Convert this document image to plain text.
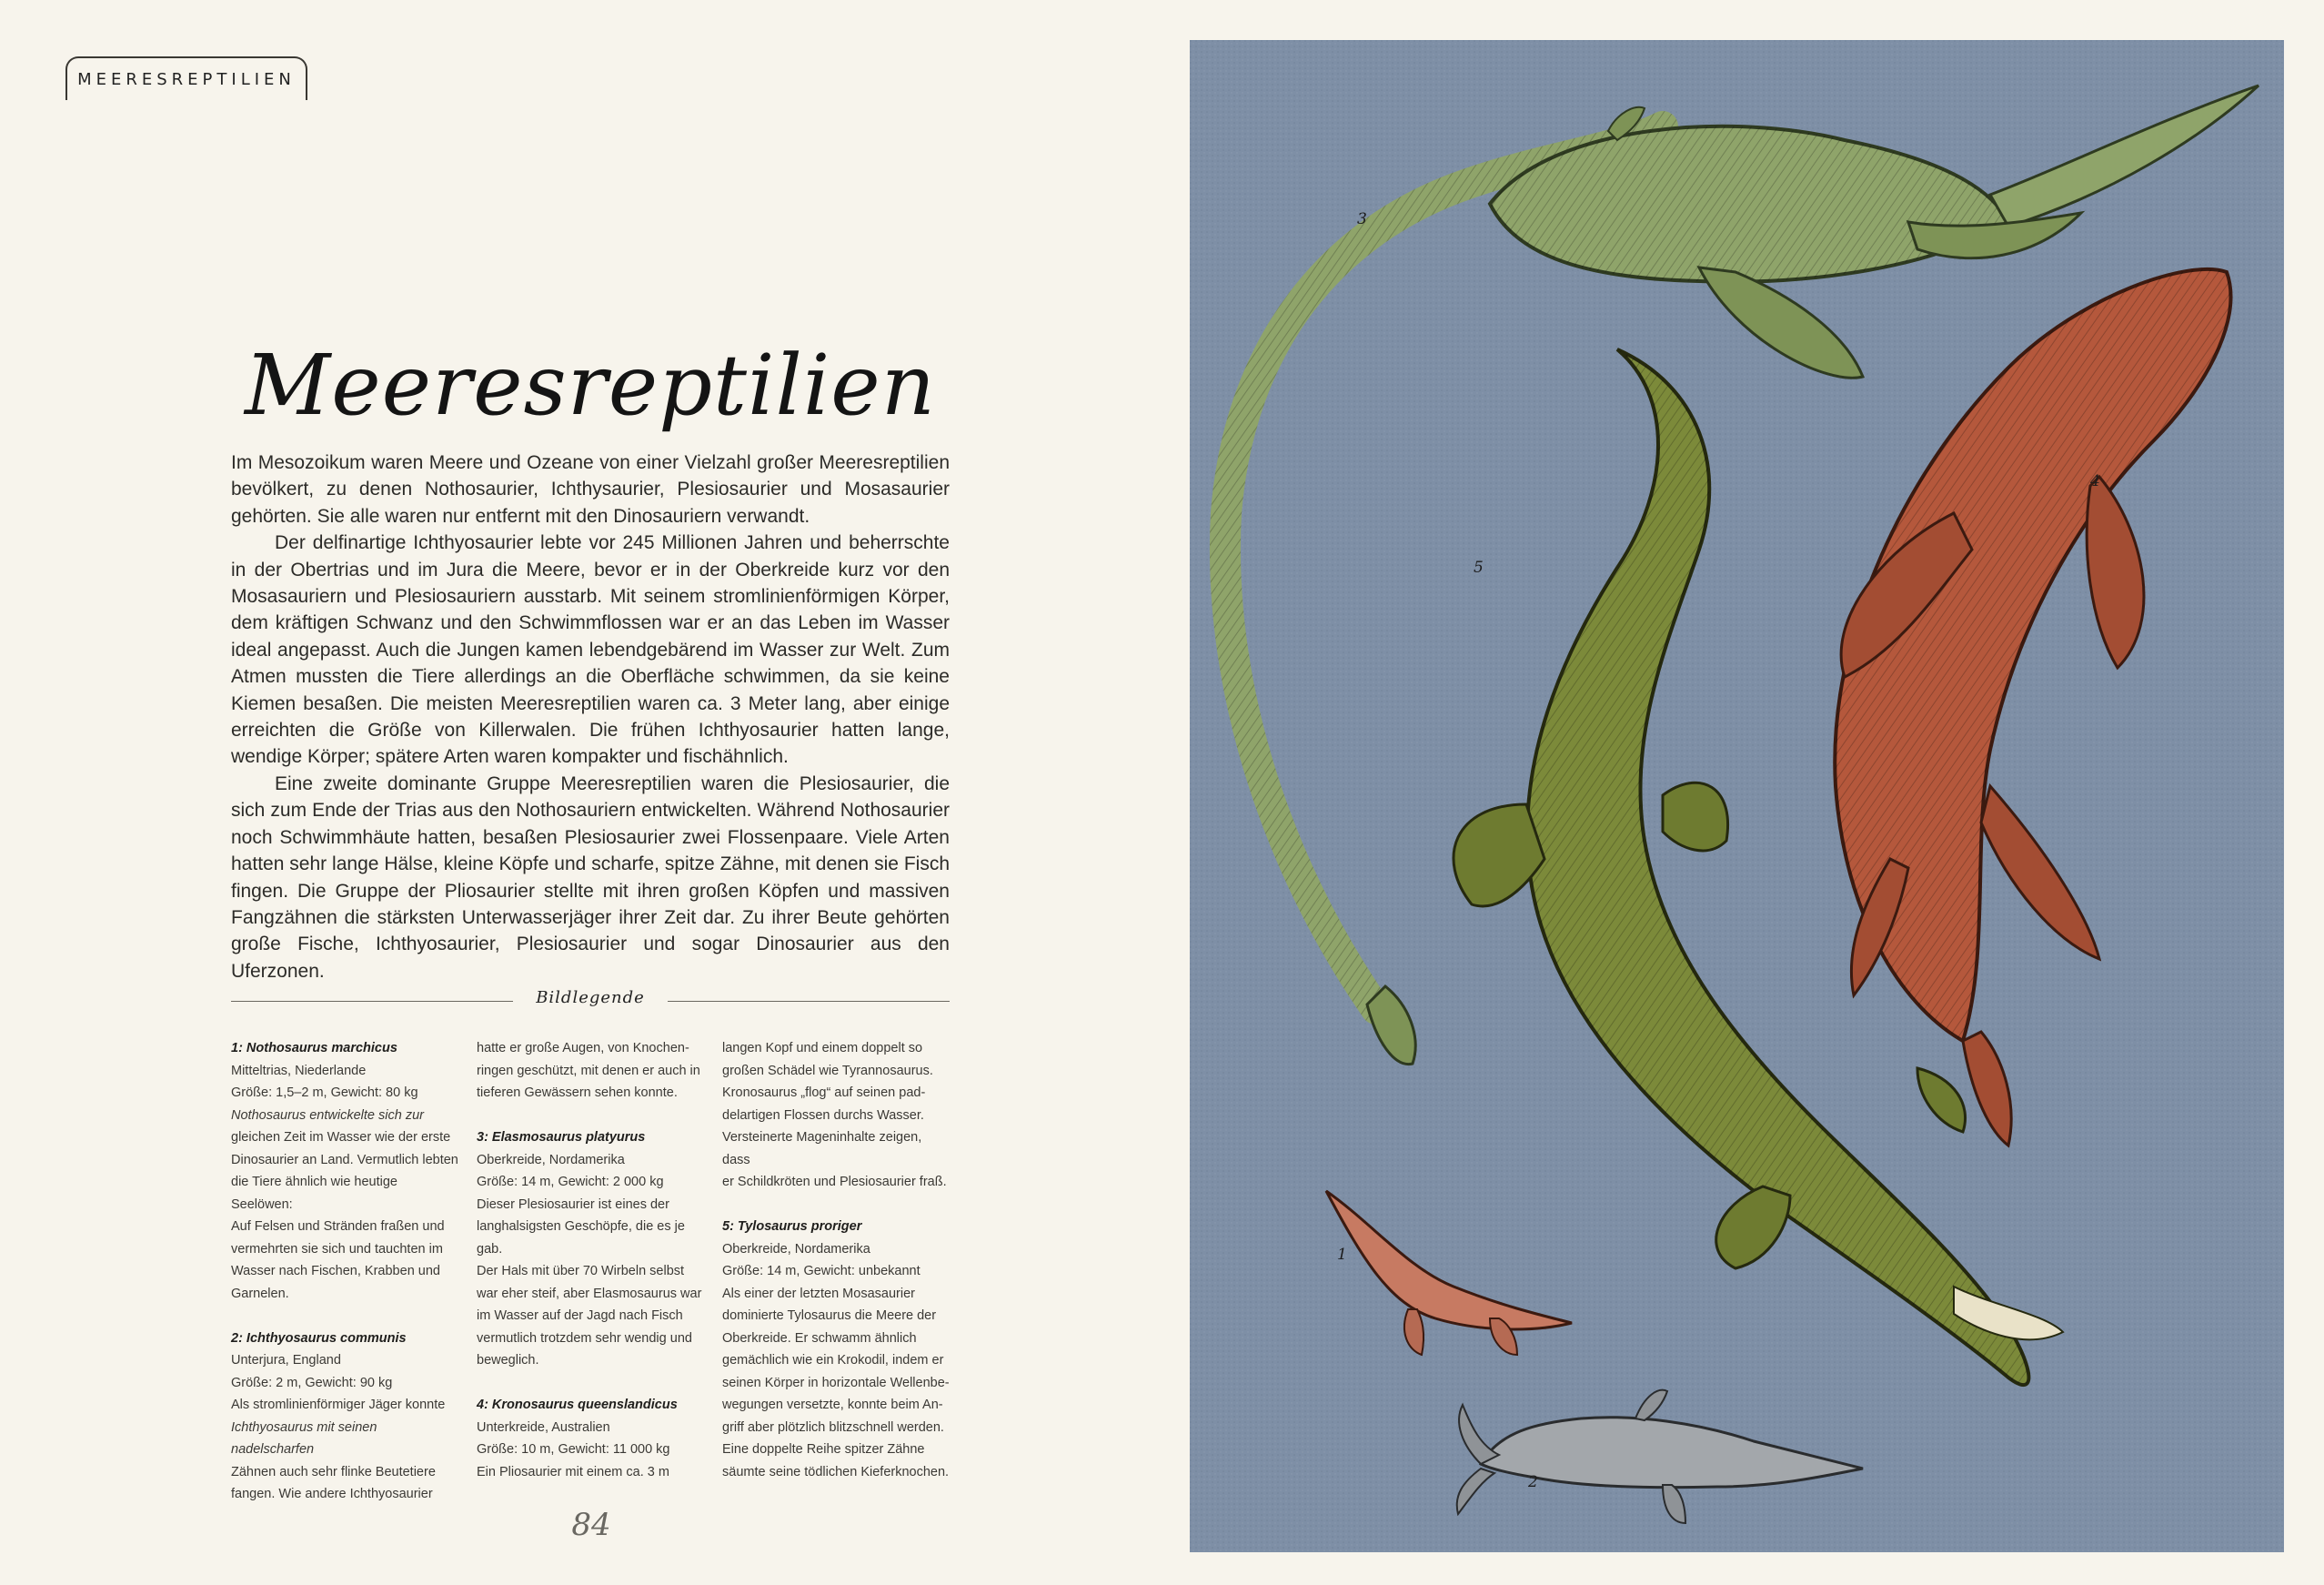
MEERESREPTILIEN
Meeresreptilien

Im Mesozoikum waren Meere und Ozeane von einer Vielzahl großer Meeresreptilien bevölkert, zu denen Nothosaurier, Ichthysaurier, Plesiosaurier und Mosasaurier gehörten. Sie alle waren nur entfernt mit den Dinosauriern verwandt.

Der delfinartige Ichthyosaurier lebte vor 245 Millionen Jahren und beherrschte in der Obertrias und im Jura die Meere, bevor er in der Oberkreide kurz vor den Mosasauriern und Plesiosauriern ausstarb. Mit seinem stromlinienförmigen Körper, dem kräftigen Schwanz und den Schwimmflossen war er an das Leben im Wasser ideal angepasst. Auch die Jungen kamen lebendgebärend im Wasser zur Welt. Zum Atmen mussten die Tiere allerdings an die Oberfläche schwimmen, da sie keine Kiemen besaßen. Die meisten Meeresreptilien waren ca. 3 Meter lang, aber einige erreichten die Größe von Killerwalen. Die frühen Ichthyosaurier hatten lange, wendige Körper; spätere Arten waren kompakter und fischähnlich.

Eine zweite dominante Gruppe Meeresreptilien waren die Plesiosaurier, die sich zum Ende der Trias aus den Nothosauriern entwickelten. Während Nothosaurier noch Schwimmhäute hatten, besaßen Plesiosaurier zwei Flossenpaare. Viele Arten hatten sehr lange Hälse, kleine Köpfe und scharfe, spitze Zähne, mit denen sie Fisch fingen. Die Gruppe der Pliosaurier stellte mit ihren großen Köpfen und massiven Fangzähnen die stärksten Unterwasserjäger ihrer Zeit dar. Zu ihrer Beute gehörten große Fische, Ichthyosaurier, Plesiosaurier und sogar Dinosaurier aus den Uferzonen.

Bildlegende
1: Nothosaurus marchicus
Mitteltrias, Niederlande
Größe: 1,5–2 m, Gewicht: 80 kg
Nothosaurus entwickelte sich zur
gleichen Zeit im Wasser wie der erste
Dinosaurier an Land. Vermutlich lebten
die Tiere ähnlich wie heutige Seelöwen:
Auf Felsen und Stränden fraßen und
vermehrten sie sich und tauchten im
Wasser nach Fischen, Krabben und
Garnelen.
2: Ichthyosaurus communis
Unterjura, England
Größe: 2 m, Gewicht: 90 kg
Als stromlinienförmiger Jäger konnte
Ichthyosaurus mit seinen nadelscharfen
Zähnen auch sehr flinke Beutetiere
fangen. Wie andere Ichthyosaurier
hatte er große Augen, von Knochen-
ringen geschützt, mit denen er auch in
tieferen Gewässern sehen konnte.
3: Elasmosaurus platyurus
Oberkreide, Nordamerika
Größe: 14 m, Gewicht: 2 000 kg
Dieser Plesiosaurier ist eines der
langhalsigsten Geschöpfe, die es je gab.
Der Hals mit über 70 Wirbeln selbst
war eher steif, aber Elasmosaurus war
im Wasser auf der Jagd nach Fisch
vermutlich trotzdem sehr wendig und
beweglich.
4: Kronosaurus queenslandicus
Unterkreide, Australien
Größe: 10 m, Gewicht: 11 000 kg
Ein Pliosaurier mit einem ca. 3 m
langen Kopf und einem doppelt so
großen Schädel wie Tyrannosaurus.
Kronosaurus „flog“ auf seinen pad-
delartigen Flossen durchs Wasser.
Versteinerte Mageninhalte zeigen, dass
er Schildkröten und Plesiosaurier fraß.
5: Tylosaurus proriger
Oberkreide, Nordamerika
Größe: 14 m, Gewicht: unbekannt
Als einer der letzten Mosasaurier
dominierte Tylosaurus die Meere der
Oberkreide. Er schwamm ähnlich
gemächlich wie ein Krokodil, indem er
seinen Körper in horizontale Wellenbe-
wegungen versetzte, konnte beim An-
griff aber plötzlich blitzschnell werden.
Eine doppelte Reihe spitzer Zähne
säumte seine tödlichen Kieferknochen.
84
3
4
5
1
2
